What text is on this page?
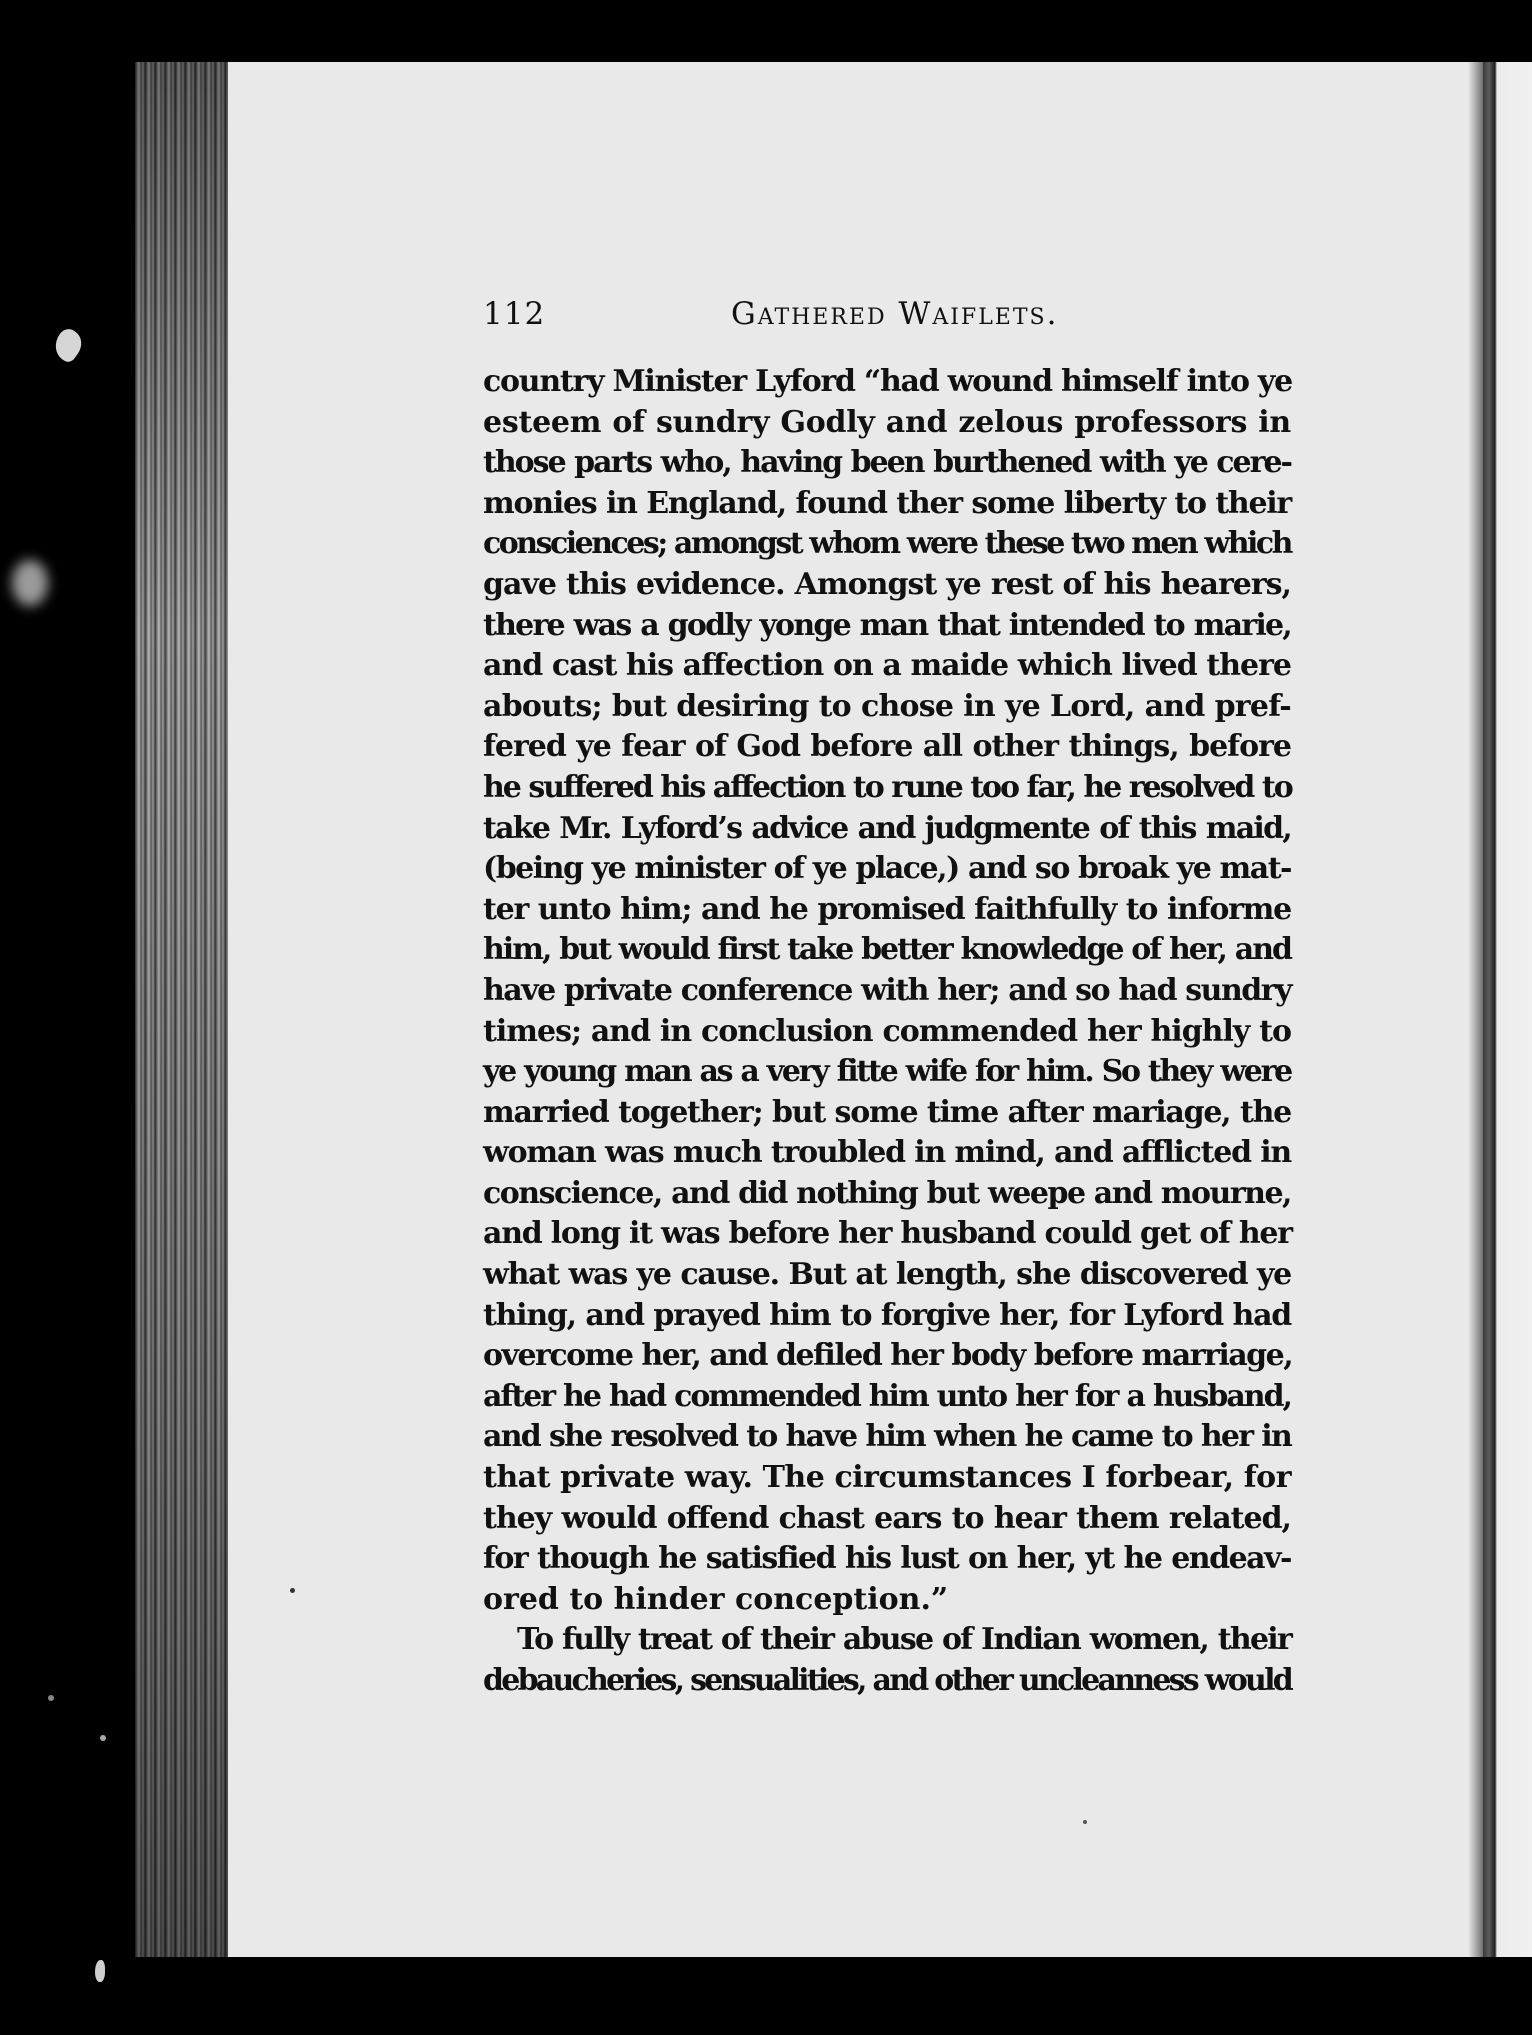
112	Gathered Waiflets.
country Minister Lyford “had wound himself into ye
esteem of sundry Godly and zelous professors in
those parts who, having been burthened with ye cere-
monies in England, found ther some liberty to their
consciences; amongst whom were these two men which
gave this evidence. Amongst ye rest of his hearers,
there was a godly yonge man that intended to marie,
and cast his affection on a maide which lived there
abouts; but desiring to chose in ye Lord, and pref-
fered ye fear of God before all other things, before
he suffered his affection to rune too far, he resolved to
take Mr. Lyford’s advice and judgmente of this maid,
(being ye minister of ye place,) and so broak ye mat-
ter unto him; and he promised faithfully to informe
him, but would first take better knowledge of her, and
have private conference with her; and so had sundry
times; and in conclusion commended her highly to
ye young man as a very fitte wife for him. So they were
married together; but some time after mariage, the
woman was much troubled in mind, and afflicted in
conscience, and did nothing but weepe and mourne,
and long it was before her husband could get of her
what was ye cause. But at length, she discovered ye
thing, and prayed him to forgive her, for Lyford had
overcome her, and defiled her body before marriage,
after he had commended him unto her for a husband,
and she resolved to have him when he came to her in
that private way. The circumstances I forbear, for
they would offend chast ears to hear them related,
for though he satisfied his lust on her, yt he endeav-
ored to hinder conception.”
To fully treat of their abuse of Indian women, their
debaucheries, sensualities, and other uncleanness would
